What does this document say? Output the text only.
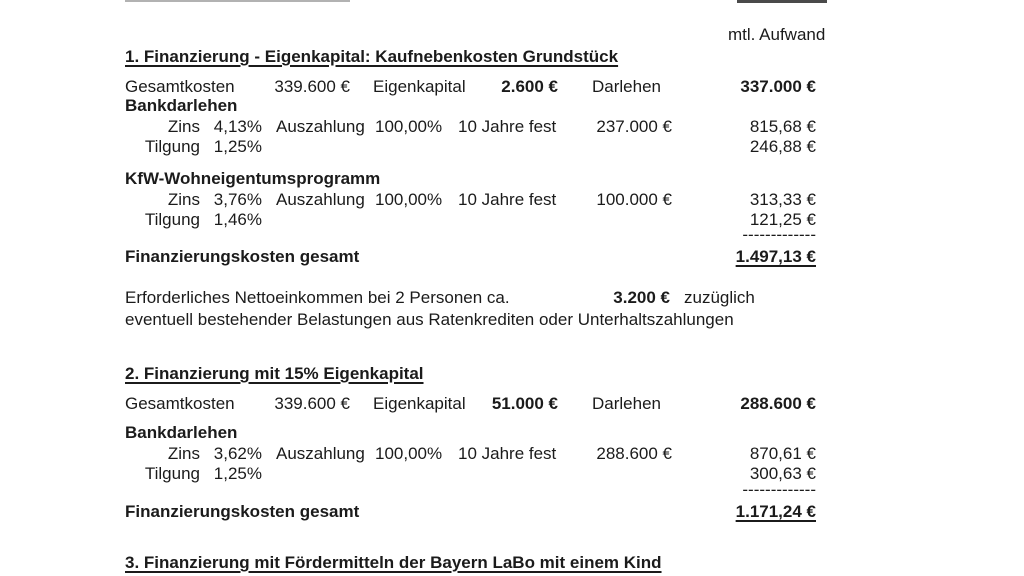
mtl. Aufwand
1. Finanzierung - Eigenkapital: Kaufnebenkosten Grundstück
Gesamtkosten 339.600 € Eigenkapital 2.600 € Darlehen	337.000 €
Bankdarlehen
Zins 4,13% Auszahlung 100,00% 10 Jahre fest 237.000 €	815,68 €
Tilgung 1,25%	246,88 €
KfW-Wohneigentumsprogramm
Zins 3,76% Auszahlung 100,00% 10 Jahre fest 100.000 €	313,33 €
Tilgung 1,46%	121,25 €
-------------
Finanzierungskosten gesamt	1.497,13 €
Erforderliches Nettoeinkommen bei 2 Personen ca.	3.200 € zuzüglich
eventuell bestehender Belastungen aus Ratenkrediten oder Unterhaltszahlungen
2. Finanzierung mit 15% Eigenkapital
Gesamtkosten 339.600 € Eigenkapital 51.000 € Darlehen	288.600 €
Bankdarlehen
Zins 3,62% Auszahlung 100,00% 10 Jahre fest 288.600 €	870,61 €
Tilgung 1,25%	300,63 €
-------------
Finanzierungskosten gesamt	1.171,24 €
3. Finanzierung mit Fördermitteln der Bayern LaBo mit einem Kind
